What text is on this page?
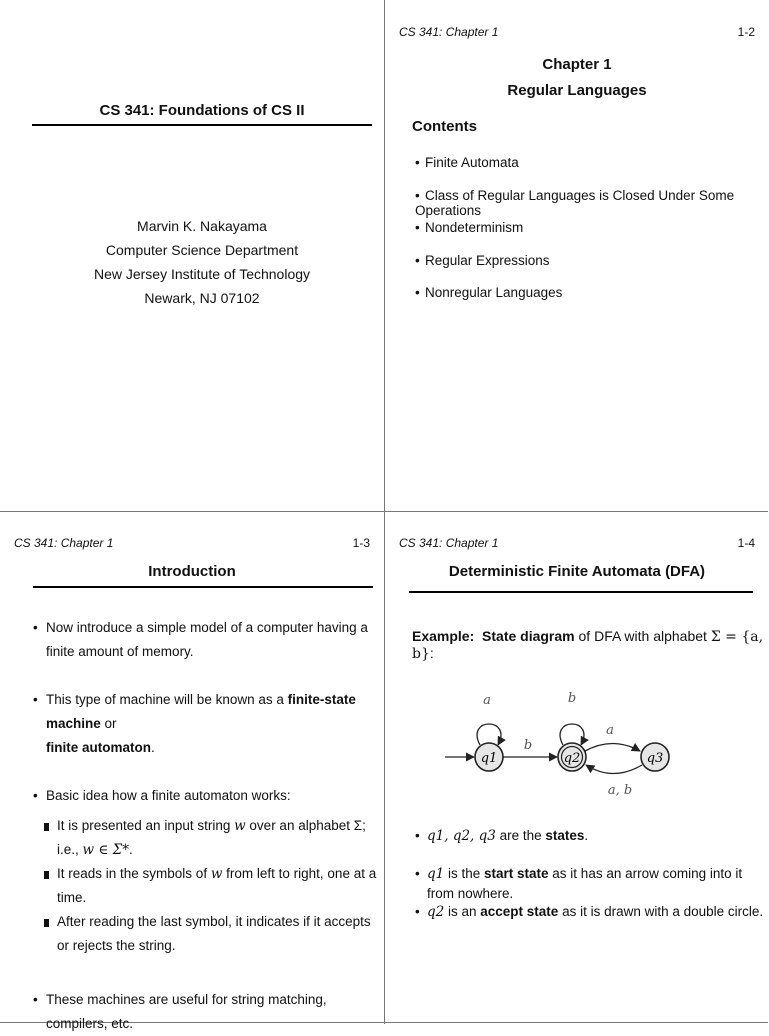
CS 341: Foundations of CS II
Marvin K. Nakayama
Computer Science Department
New Jersey Institute of Technology
Newark, NJ 07102
CS 341: Chapter 1	1-2
Chapter 1
Regular Languages
Contents
• Finite Automata
• Class of Regular Languages is Closed Under Some Operations
• Nondeterminism
• Regular Expressions
• Nonregular Languages
CS 341: Chapter 1	1-3
Introduction
• Now introduce a simple model of a computer having a finite amount of memory.
• This type of machine will be known as a finite-state machine or
finite automaton.
• Basic idea how a finite automaton works:
It is presented an input string w over an alphabet Σ; i.e., w ∈ Σ*.
It reads in the symbols of w from left to right, one at a time.
After reading the last symbol, it indicates if it accepts or rejects the string.
• These machines are useful for string matching, compilers, etc.
CS 341: Chapter 1	1-4
Deterministic Finite Automata (DFA)
Example: State diagram of DFA with alphabet Σ = {a, b}:
q1
a
b
q2
b
q3
a
a, b
• q1, q2, q3 are the states.
• q1 is the start state as it has an arrow coming into it from nowhere.
• q2 is an accept state as it is drawn with a double circle.
